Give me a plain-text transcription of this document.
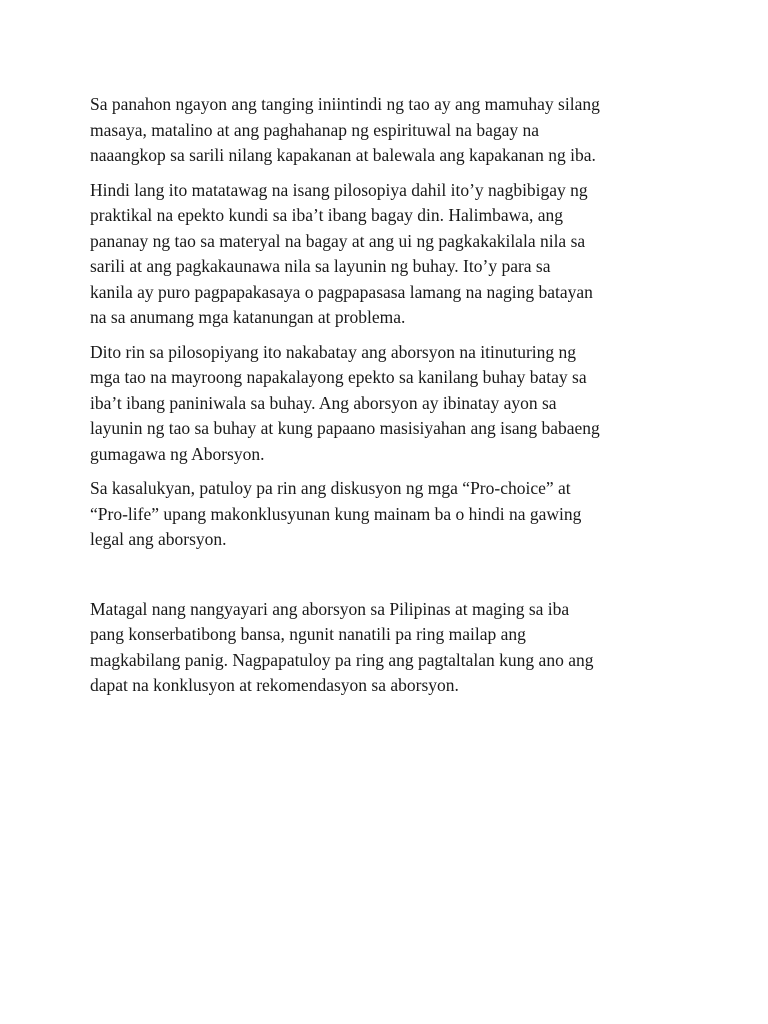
Sa panahon ngayon ang tanging iniintindi ng tao ay ang mamuhay silang
masaya, matalino at ang paghahanap ng espirituwal na bagay na
naaangkop sa sarili nilang kapakanan at balewala ang kapakanan ng iba.

Hindi lang ito matatawag na isang pilosopiya dahil ito’y nagbibigay ng
praktikal na epekto kundi sa iba’t ibang bagay din. Halimbawa, ang
pananay ng tao sa materyal na bagay at ang ui ng pagkakakilala nila sa
sarili at ang pagkakaunawa nila sa layunin ng buhay. Ito’y para sa
kanila ay puro pagpapakasaya o pagpapasasa lamang na naging batayan
na sa anumang mga katanungan at problema.

Dito rin sa pilosopiyang ito nakabatay ang aborsyon na itinuturing ng
mga tao na mayroong napakalayong epekto sa kanilang buhay batay sa
iba’t ibang paniniwala sa buhay. Ang aborsyon ay ibinatay ayon sa
layunin ng tao sa buhay at kung papaano masisiyahan ang isang babaeng
gumagawa ng Aborsyon.

Sa kasalukyan, patuloy pa rin ang diskusyon ng mga “Pro-choice” at
“Pro-life” upang makonklusyunan kung mainam ba o hindi na gawing
legal ang aborsyon.

Matagal nang nangyayari ang aborsyon sa Pilipinas at maging sa iba
pang konserbatibong bansa, ngunit nanatili pa ring mailap ang
magkabilang panig. Nagpapatuloy pa ring ang pagtaltalan kung ano ang
dapat na konklusyon at rekomendasyon sa aborsyon.
